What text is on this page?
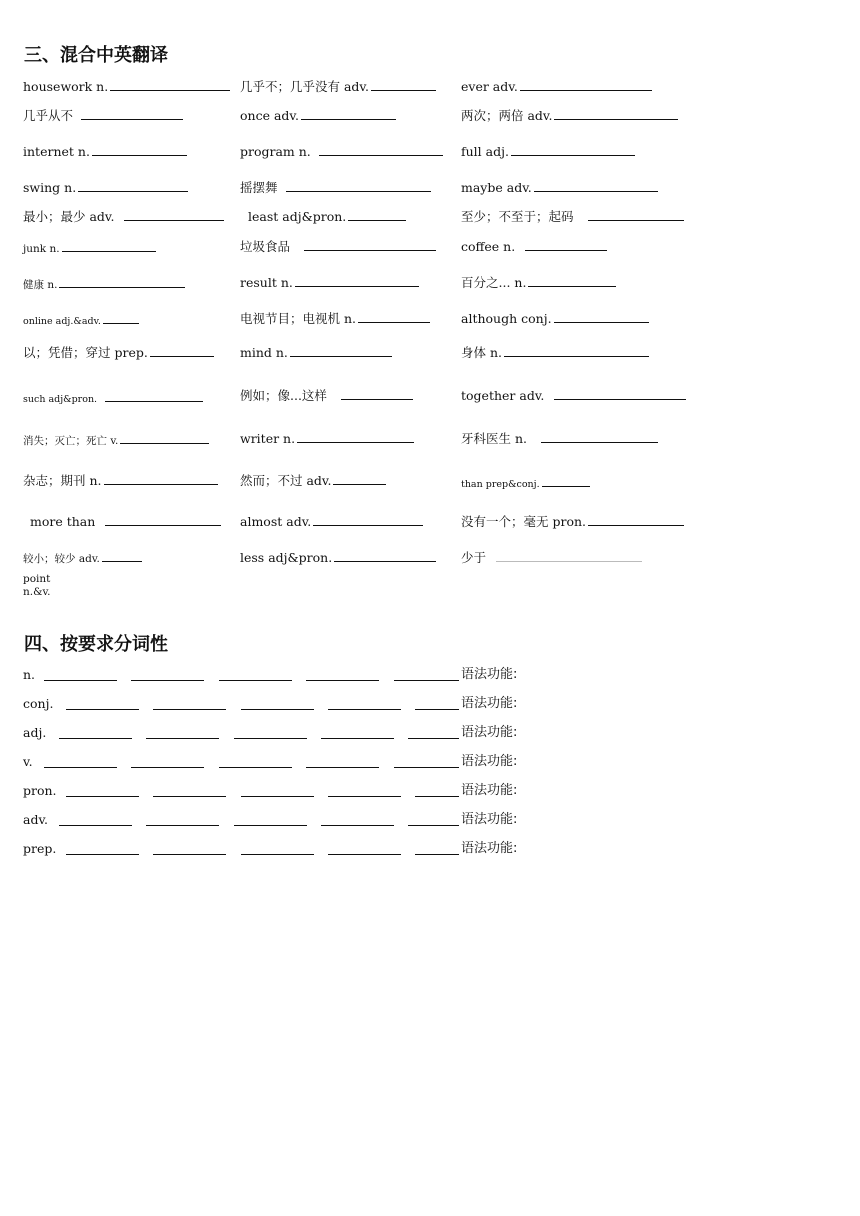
三、混合中英翻译
housework n.	几乎不；几乎没有 adv.	ever adv.
几乎从不	once adv.	两次；两倍 adv.
internet n.	program n.	full adj.
swing n.	摇摆舞	maybe adv.
最小；最少 adv.	least adj&pron.	至少；不至于；起码
junk n.	垃圾食品	coffee n.
健康 n.	result n.	百分之... n.
online adj.&adv.	电视节目；电视机 n.	although conj.
以；凭借；穿过 prep.	mind n.	身体 n.
such adj&pron.	例如；像...这样	together adv.
消失；灭亡；死亡 v.	writer n.	牙科医生 n.
杂志；期刊 n.	然而；不过 adv.	than prep&conj.
more than	almost adv.	没有一个；毫无 pron.
较小；较少 adv.	less adj&pron.	少于
point
n.&v.
四、按要求分词性
n.	语法功能:
conj.	语法功能:
adj.	语法功能:
v.	语法功能:
pron.	语法功能:
adv.	语法功能:
prep.	语法功能:
